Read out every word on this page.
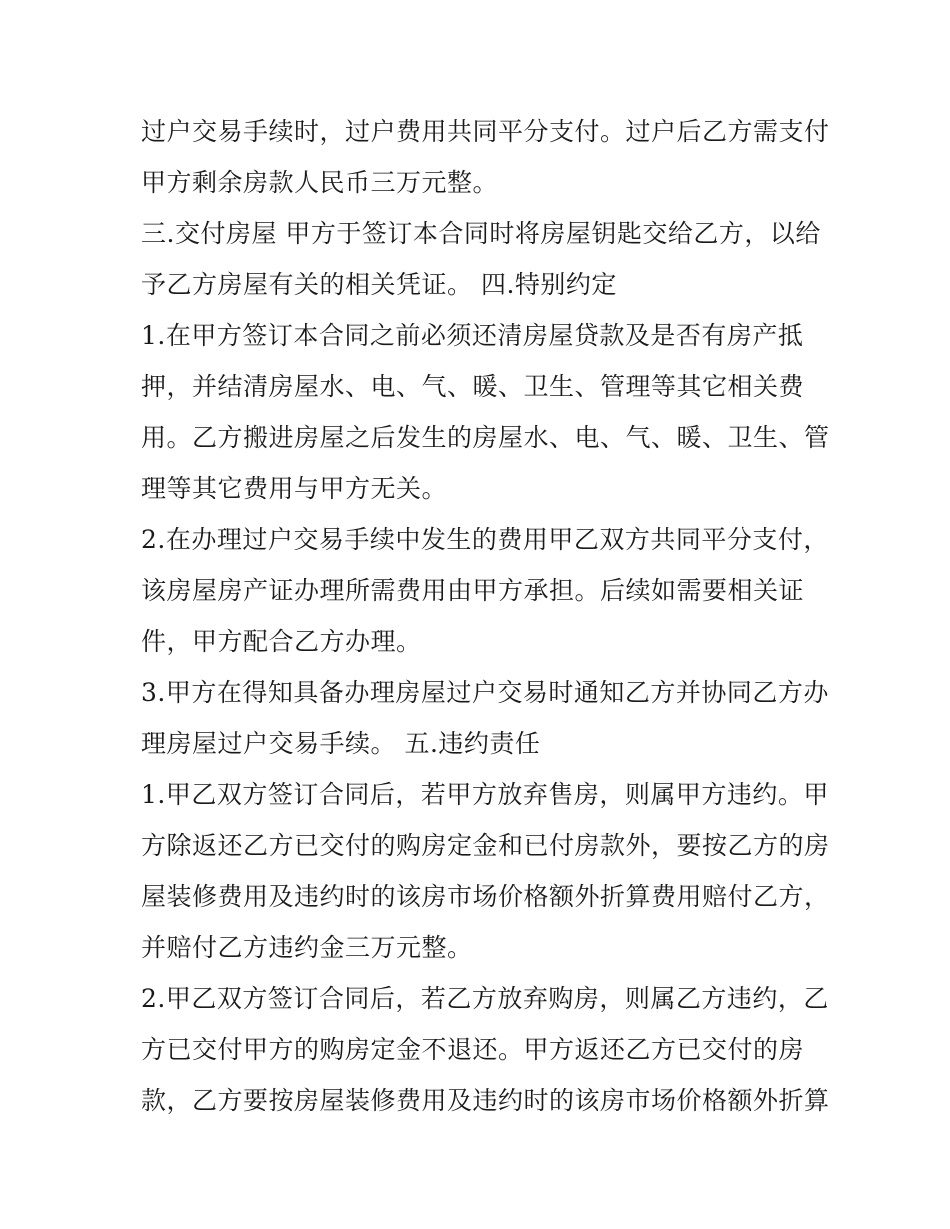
过户交易手续时，过户费用共同平分支付。过户后乙方需支付
甲方剩余房款人民币三万元整。
三.交付房屋 甲方于签订本合同时将房屋钥匙交给乙方，以给
予乙方房屋有关的相关凭证。 四.特别约定
1.在甲方签订本合同之前必须还清房屋贷款及是否有房产抵
押，并结清房屋水、电、气、暖、卫生、管理等其它相关费
用。乙方搬进房屋之后发生的房屋水、电、气、暖、卫生、管
理等其它费用与甲方无关。
2.在办理过户交易手续中发生的费用甲乙双方共同平分支付，
该房屋房产证办理所需费用由甲方承担。后续如需要相关证
件，甲方配合乙方办理。
3.甲方在得知具备办理房屋过户交易时通知乙方并协同乙方办
理房屋过户交易手续。 五.违约责任
1.甲乙双方签订合同后，若甲方放弃售房，则属甲方违约。甲
方除返还乙方已交付的购房定金和已付房款外，要按乙方的房
屋装修费用及违约时的该房市场价格额外折算费用赔付乙方，
并赔付乙方违约金三万元整。
2.甲乙双方签订合同后，若乙方放弃购房，则属乙方违约，乙
方已交付甲方的购房定金不退还。甲方返还乙方已交付的房
款，乙方要按房屋装修费用及违约时的该房市场价格额外折算
